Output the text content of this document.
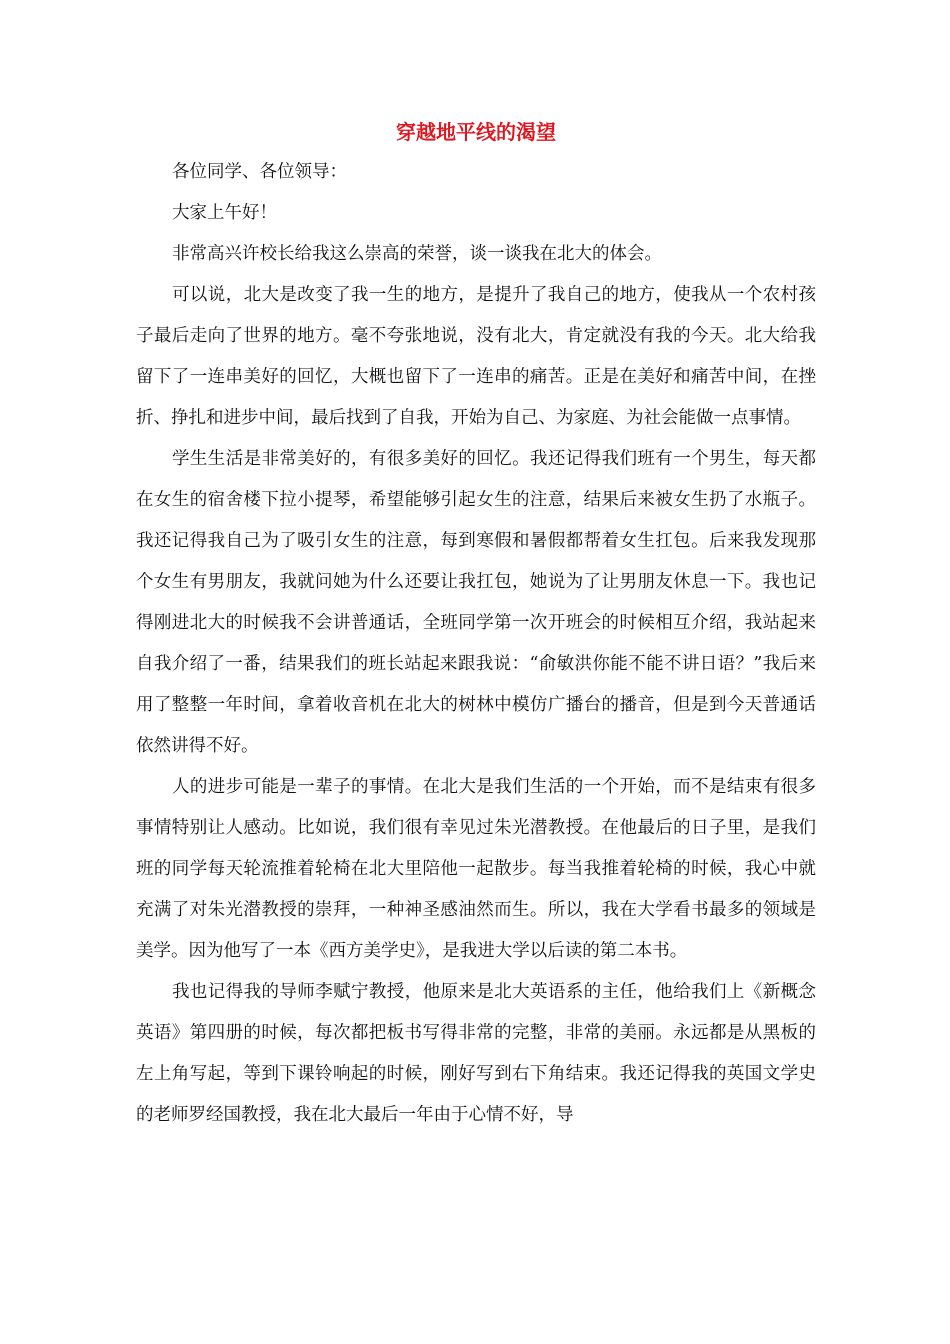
穿越地平线的渴望

各位同学、各位领导：

大家上午好！

非常高兴许校长给我这么崇高的荣誉，谈一谈我在北大的体会。

可以说，北大是改变了我一生的地方，是提升了我自己的地方，使我从一个农村孩子最后走向了世界的地方。毫不夸张地说，没有北大，肯定就没有我的今天。北大给我留下了一连串美好的回忆，大概也留下了一连串的痛苦。正是在美好和痛苦中间，在挫折、挣扎和进步中间，最后找到了自我，开始为自己、为家庭、为社会能做一点事情。

学生生活是非常美好的，有很多美好的回忆。我还记得我们班有一个男生，每天都在女生的宿舍楼下拉小提琴，希望能够引起女生的注意，结果后来被女生扔了水瓶子。我还记得我自己为了吸引女生的注意，每到寒假和暑假都帮着女生扛包。后来我发现那个女生有男朋友，我就问她为什么还要让我扛包，她说为了让男朋友休息一下。我也记得刚进北大的时候我不会讲普通话，全班同学第一次开班会的时候相互介绍，我站起来自我介绍了一番，结果我们的班长站起来跟我说：“俞敏洪你能不能不讲日语？”我后来用了整整一年时间，拿着收音机在北大的树林中模仿广播台的播音，但是到今天普通话依然讲得不好。

人的进步可能是一辈子的事情。在北大是我们生活的一个开始，而不是结束有很多事情特别让人感动。比如说，我们很有幸见过朱光潜教授。在他最后的日子里，是我们班的同学每天轮流推着轮椅在北大里陪他一起散步。每当我推着轮椅的时候，我心中就充满了对朱光潜教授的崇拜，一种神圣感油然而生。所以，我在大学看书最多的领域是美学。因为他写了一本《西方美学史》，是我进大学以后读的第二本书。

我也记得我的导师李赋宁教授，他原来是北大英语系的主任，他给我们上《新概念英语》第四册的时候，每次都把板书写得非常的完整，非常的美丽。永远都是从黑板的左上角写起，等到下课铃响起的时候，刚好写到右下角结束。我还记得我的英国文学史的老师罗经国教授，我在北大最后一年由于心情不好，导
